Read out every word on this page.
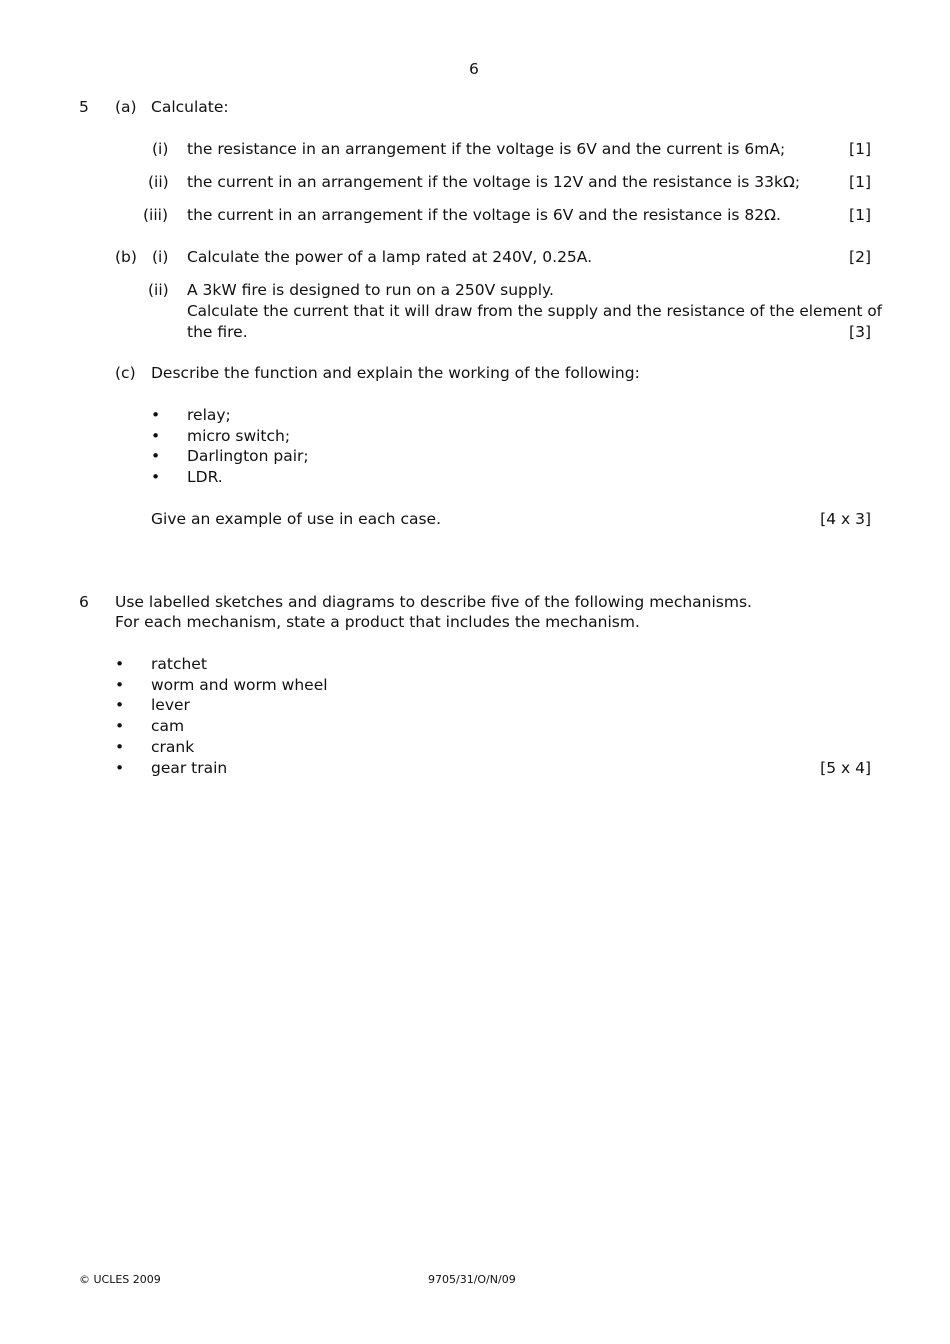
6
5 (a) Calculate:
(i) the resistance in an arrangement if the voltage is 6V and the current is 6mA;	[1]
(ii) the current in an arrangement if the voltage is 12V and the resistance is 33kΩ;	[1]
(iii) the current in an arrangement if the voltage is 6V and the resistance is 82Ω.	[1]
(b) (i) Calculate the power of a lamp rated at 240V, 0.25A.	[2]
(ii) A 3kW fire is designed to run on a 250V supply.
Calculate the current that it will draw from the supply and the resistance of the element of
the fire.	[3]
(c) Describe the function and explain the working of the following:
• relay;
• micro switch;
• Darlington pair;
• LDR.
Give an example of use in each case.	[4 x 3]
6 Use labelled sketches and diagrams to describe five of the following mechanisms.
For each mechanism, state a product that includes the mechanism.
• ratchet
• worm and worm wheel
• lever
• cam
• crank
• gear train	[5 x 4]
© UCLES 2009	9705/31/O/N/09
